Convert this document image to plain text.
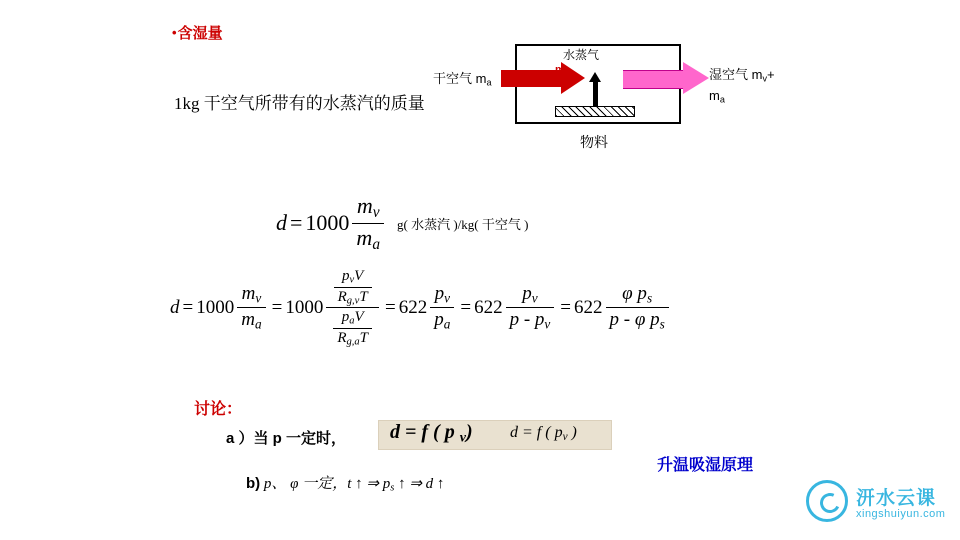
•含湿量
1kg 干空气所带有的水蒸汽的质量
水蒸气
$m_v$
干空气 $m_a$
湿空气 $m_v+$
$m_a$
物料
$d = 1000 \frac{m_v}{m_a} g$( 水蒸汽 )/kg( 干空气 )
$d = 1000 \frac{m_v}{m_a} = 1000 \frac{\frac{p_vV}{R_{g,v}T}}{\frac{p_aV}{R_{g,a}T}} = 622 \frac{p_v}{p_a} = 622 \frac{p_v}{p - p_v} = 622 \frac{\varphi p_s}{p - \varphi p_s}$
讨论：
a ）当 p 一定时， d = f ( p $_v$) d = f ( $p_v$ )
b) p、 φ 一定，t ↑ ⇒ $p_s$ ↑ ⇒ d ↑
升温吸湿原理
汧水云课
xingshuiyun.com
